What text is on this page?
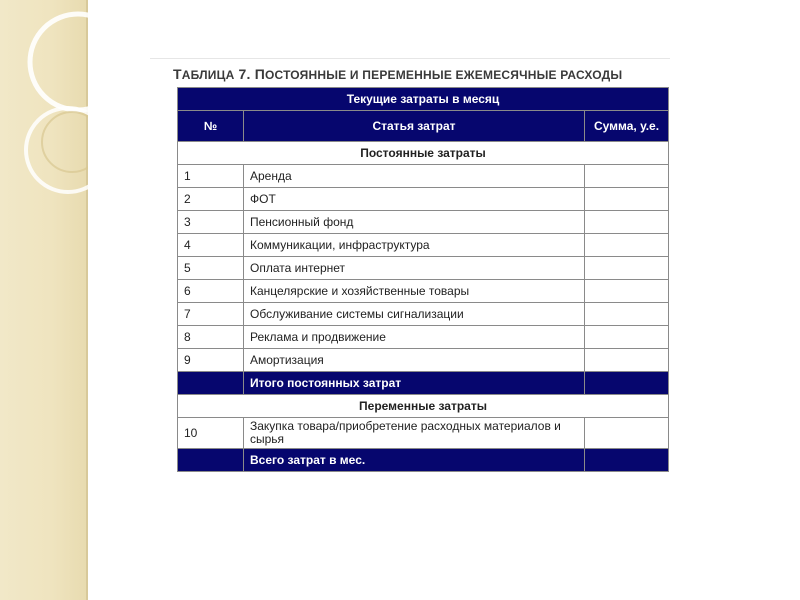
ТАБЛИЦА 7. ПОСТОЯННЫЕ И ПЕРЕМЕННЫЕ ЕЖЕМЕСЯЧНЫЕ РАСХОДЫ
Текущие затраты в месяц		
№	Статья затрат	Сумма, у.е.
Постоянные затраты		
1	Аренда	
2	ФОТ	
3	Пенсионный фонд	
4	Коммуникации, инфраструктура	
5	Оплата интернет	
6	Канцелярские и хозяйственные товары	
7	Обслуживание системы сигнализации	
8	Реклама и продвижение	
9	Амортизация	
	Итого постоянных затрат	
Переменные затраты		
10	Закупка товара/приобретение расходных материалов и сырья	
	Всего затрат в мес.	
